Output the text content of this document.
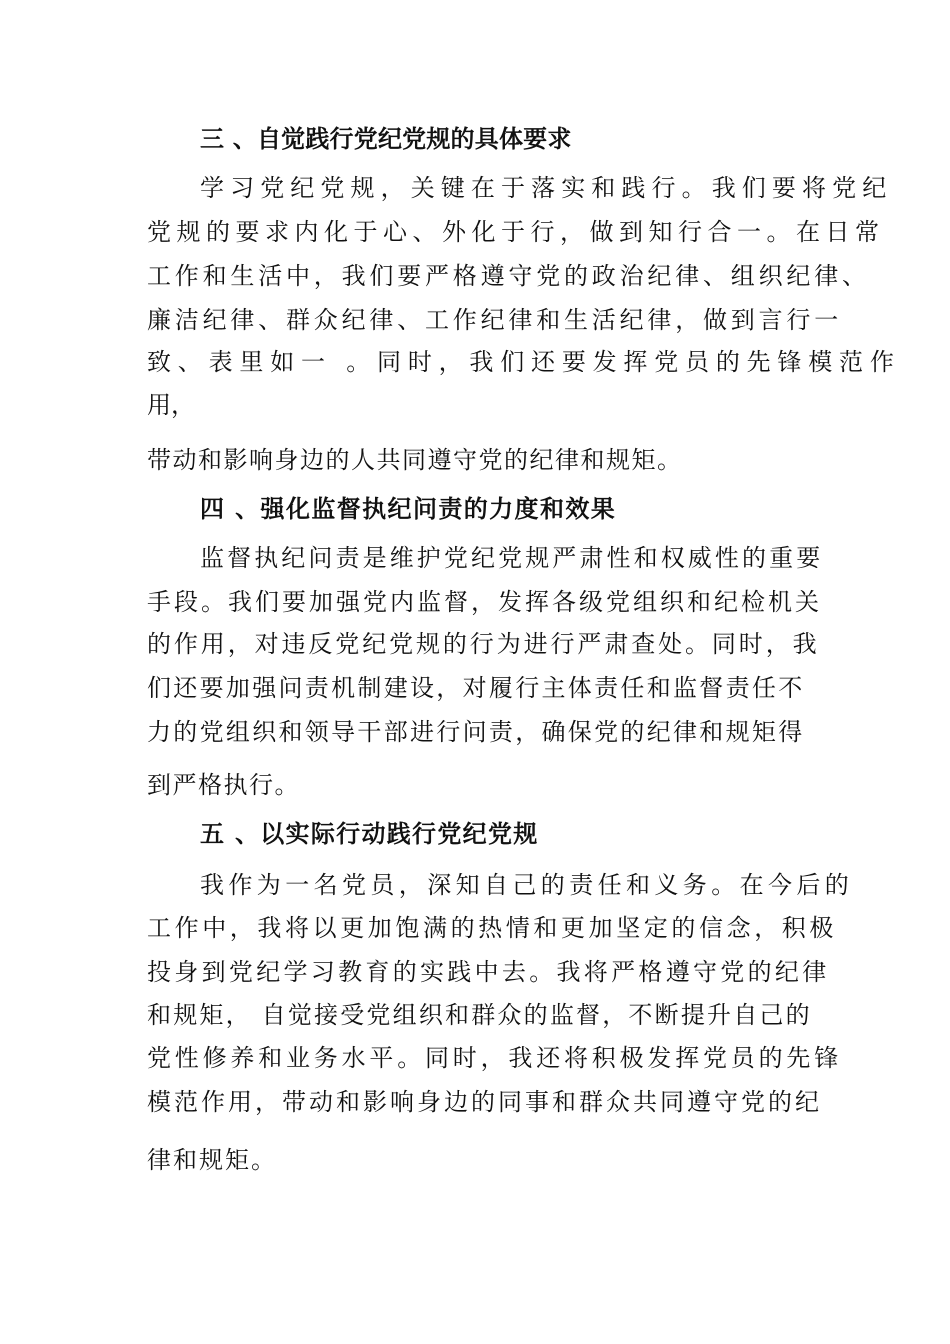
三 、自觉践行党纪党规的具体要求
学习党纪党规，关键在于落实和践行。我们要将党纪
党规的要求内化于心、外化于行，做到知行合一。在日常
工作和生活中，我们要严格遵守党的政治纪律、组织纪律、
廉洁纪律、群众纪律、工作纪律和生活纪律，做到言行一
致、表里如一 。同时，我们还要发挥党员的先锋模范作
用，
带动和影响身边的人共同遵守党的纪律和规矩。
四 、强化监督执纪问责的力度和效果
监督执纪问责是维护党纪党规严肃性和权威性的重要
手段。我们要加强党内监督，发挥各级党组织和纪检机关
的作用，对违反党纪党规的行为进行严肃查处。同时，我
们还要加强问责机制建设，对履行主体责任和监督责任不
力的党组织和领导干部进行问责，确保党的纪律和规矩得
到严格执行。
五 、以实际行动践行党纪党规
我作为一名党员，深知自己的责任和义务。在今后的
工作中，我将以更加饱满的热情和更加坚定的信念，积极
投身到党纪学习教育的实践中去。我将严格遵守党的纪律
和规矩， 自觉接受党组织和群众的监督，不断提升自己的
党性修养和业务水平。同时，我还将积极发挥党员的先锋
模范作用，带动和影响身边的同事和群众共同遵守党的纪
律和规矩。
